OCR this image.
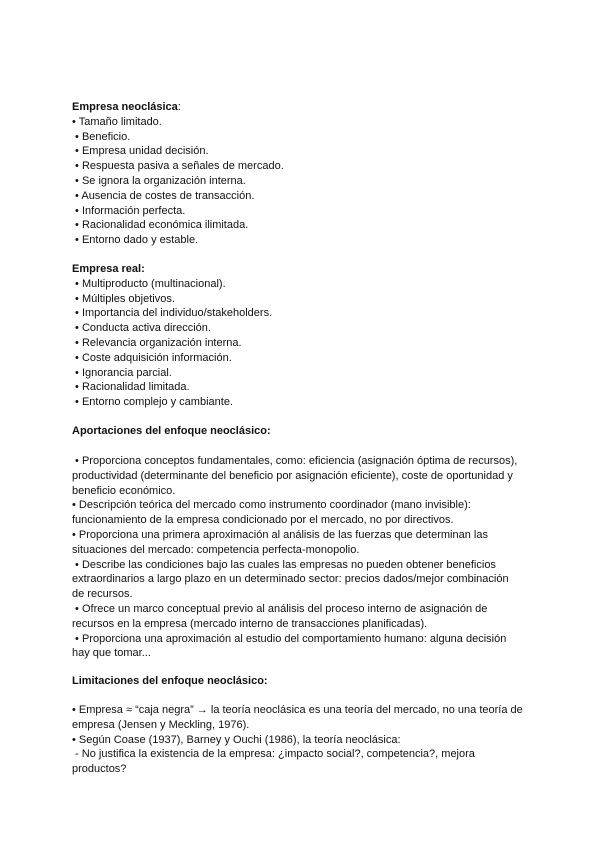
Empresa neoclásica:
• Tamaño limitado.
• Beneficio.
• Empresa unidad decisión.
• Respuesta pasiva a señales de mercado.
• Se ignora la organización interna.
• Ausencia de costes de transacción.
• Información perfecta.
• Racionalidad económica ilimitada.
• Entorno dado y estable.
Empresa real:
• Multiproducto (multinacional).
• Múltiples objetivos.
• Importancia del individuo/stakeholders.
• Conducta activa dirección.
• Relevancia organización interna.
• Coste adquisición información.
• Ignorancia parcial.
• Racionalidad limitada.
• Entorno complejo y cambiante.
Aportaciones del enfoque neoclásico:
• Proporciona conceptos fundamentales, como: eficiencia (asignación óptima de recursos),
productividad (determinante del beneficio por asignación eficiente), coste de oportunidad y
beneficio económico.
• Descripción teórica del mercado como instrumento coordinador (mano invisible):
funcionamiento de la empresa condicionado por el mercado, no por directivos.
• Proporciona una primera aproximación al análisis de las fuerzas que determinan las
situaciones del mercado: competencia perfecta-monopolio.
• Describe las condiciones bajo las cuales las empresas no pueden obtener beneficios
extraordinarios a largo plazo en un determinado sector: precios dados/mejor combinación
de recursos.
• Ofrece un marco conceptual previo al análisis del proceso interno de asignación de
recursos en la empresa (mercado interno de transacciones planificadas).
• Proporciona una aproximación al estudio del comportamiento humano: alguna decisión
hay que tomar...
Limitaciones del enfoque neoclásico:
• Empresa ≈ “caja negra” → la teoría neoclásica es una teoría del mercado, no una teoría de
empresa (Jensen y Meckling, 1976).
• Según Coase (1937), Barney y Ouchi (1986), la teoría neoclásica:
- No justifica la existencia de la empresa: ¿impacto social?, competencia?, mejora
productos?
